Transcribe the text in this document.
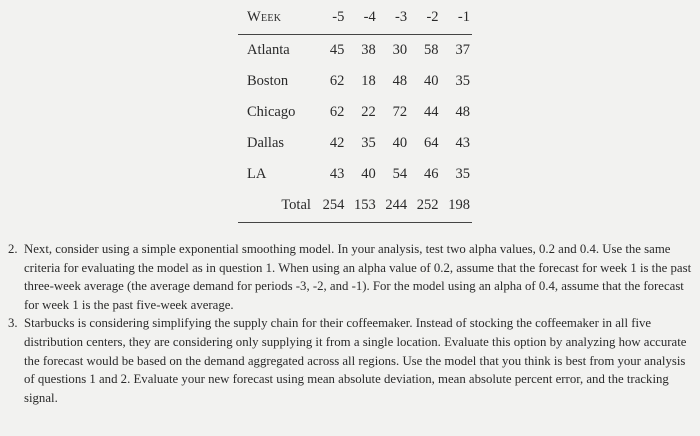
Week	-5	-4	-3	-2	-1
Atlanta	45	38	30	58	37
Boston	62	18	48	40	35
Chicago	62	22	72	44	48
Dallas	42	35	40	64	43
LA	43	40	54	46	35
Total	254	153	244	252	198
2. Next, consider using a simple exponential smoothing model. In your analysis, test two alpha values, 0.2 and 0.4. Use the same criteria for evaluating the model as in question 1. When using an alpha value of 0.2, assume that the forecast for week 1 is the past three-week average (the average demand for periods -3, -2, and -1). For the model using an alpha of 0.4, assume that the forecast for week 1 is the past five-week average.
3. Starbucks is considering simplifying the supply chain for their coffeemaker. Instead of stocking the coffeemaker in all five distribution centers, they are considering only supplying it from a single location. Evaluate this option by analyzing how accurate the forecast would be based on the demand aggregated across all regions. Use the model that you think is best from your analysis of questions 1 and 2. Evaluate your new forecast using mean absolute deviation, mean absolute percent error, and the tracking signal.
